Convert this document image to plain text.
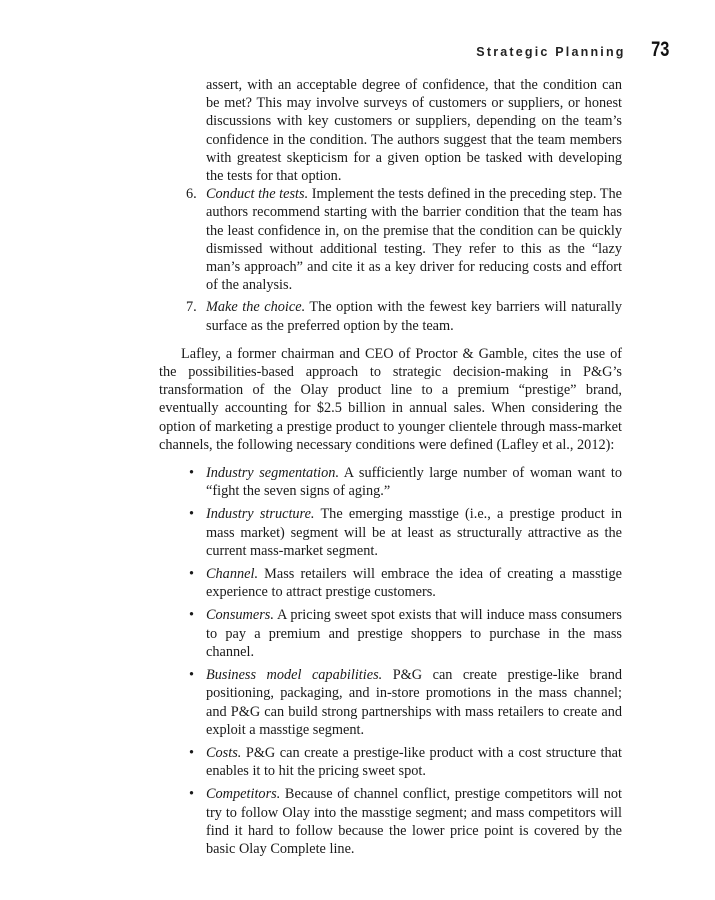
Strategic Planning 73

assert, with an acceptable degree of confidence, that the condition can be met? This may involve surveys of customers or suppliers, or honest discussions with key customers or suppliers, depending on the team’s confidence in the condition. The authors suggest that the team members with greatest skepticism for a given option be tasked with developing the tests for that option.

6. Conduct the tests. Implement the tests defined in the preceding step. The authors recommend starting with the barrier condition that the team has the least confidence in, on the premise that the condition can be quickly dismissed without additional testing. They refer to this as the “lazy man’s approach” and cite it as a key driver for reducing costs and effort of the analysis.
7. Make the choice. The option with the fewest key barriers will naturally surface as the preferred option by the team.

Lafley, a former chairman and CEO of Proctor & Gamble, cites the use of the possibilities-based approach to strategic decision-making in P&G’s transformation of the Olay product line to a premium “prestige” brand, eventually accounting for $2.5 billion in annual sales. When considering the option of marketing a prestige product to younger clientele through mass-market channels, the following necessary conditions were defined (Lafley et al., 2012):

• Industry segmentation. A sufficiently large number of woman want to “fight the seven signs of aging.”
• Industry structure. The emerging masstige (i.e., a prestige product in mass market) segment will be at least as structurally attractive as the current mass-market segment.
• Channel. Mass retailers will embrace the idea of creating a masstige experience to attract prestige customers.
• Consumers. A pricing sweet spot exists that will induce mass consumers to pay a premium and prestige shoppers to purchase in the mass channel.
• Business model capabilities. P&G can create prestige-like brand positioning, packaging, and in-store promotions in the mass channel; and P&G can build strong partnerships with mass retailers to create and exploit a masstige segment.
• Costs. P&G can create a prestige-like product with a cost structure that enables it to hit the pricing sweet spot.
• Competitors. Because of channel conflict, prestige competitors will not try to follow Olay into the masstige segment; and mass competitors will find it hard to follow because the lower price point is covered by the basic Olay Complete line.
